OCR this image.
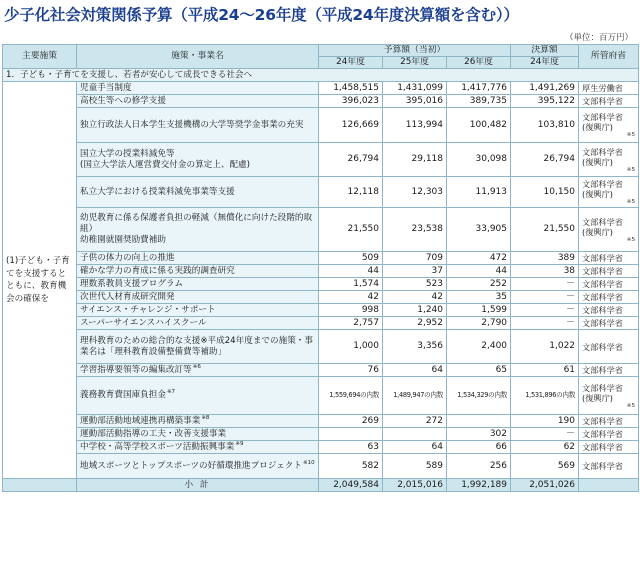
少子化社会対策関係予算（平成24～26年度（平成24年度決算額を含む））
（単位：百万円）
主要施策	施策・事業名	予算額（当初）			決算額	所管府省
		24年度	25年度	26年度	24年度	
1．子ども・子育てを支援し、若者が安心して成長できる社会へ						
(1)子ども・子育てを支援するとともに、教育機会の確保を	児童手当制度	1,458,515	1,431,099	1,417,776	1,491,269	厚生労働省

	高校生等への修学支援	396,023	395,016	389,735	395,122	文部科学省

	独立行政法人日本学生支援機構の大学等奨学金事業の充実	126,669	113,994	100,482	103,810	文部科学省
(復興庁)
※5

	国立大学の授業料減免等
(国立大学法人運営費交付金の算定上、配慮)	26,794	29,118	30,098	26,794	文部科学省
(復興庁)
※5

	私立大学における授業料減免事業等支援	12,118	12,303	11,913	10,150	文部科学省
(復興庁)
※5

	幼児教育に係る保護者負担の軽減（無償化に向けた段階的取組）
幼稚園就園奨励費補助	21,550	23,538	33,905	21,550	文部科学省
(復興庁)
※5

	子供の体力の向上の推進	509	709	472	389	文部科学省

	確かな学力の育成に係る実践的調査研究	44	37	44	38	文部科学省

	理数系教員支援プログラム	1,574	523	252	－	文部科学省

	次世代人材育成研究開発	42	42	35	－	文部科学省

	サイエンス・チャレンジ・サポート	998	1,240	1,599	－	文部科学省

	スーパーサイエンスハイスクール	2,757	2,952	2,790	－	文部科学省

	理科教育のための総合的な支援※平成24年度までの施策・事業名は「理科教育設備整備費等補助」	1,000	3,356	2,400	1,022	文部科学省

	学習指導要領等の編集改訂等$^{※6}$	76	64	65	61	文部科学省

	義務教育費国庫負担金$^{※7}$	1,559,694の内数	1,489,947の内数	1,534,329の内数	1,531,896の内数	文部科学省
(復興庁)
※5

	運動部活動地域連携再構築事業$^{※8}$	269	272		190	文部科学省

	運動部活動指導の工夫・改善支援事業			302	－	文部科学省

	中学校・高等学校スポーツ活動振興事業$^{※9}$	63	64	66	62	文部科学省

	地域スポーツとトップスポーツの好循環推進プロジェクト$^{※10}$	582	589	256	569	文部科学省

	小 計	2,049,584	2,015,016	1,992,189	2,051,026	
